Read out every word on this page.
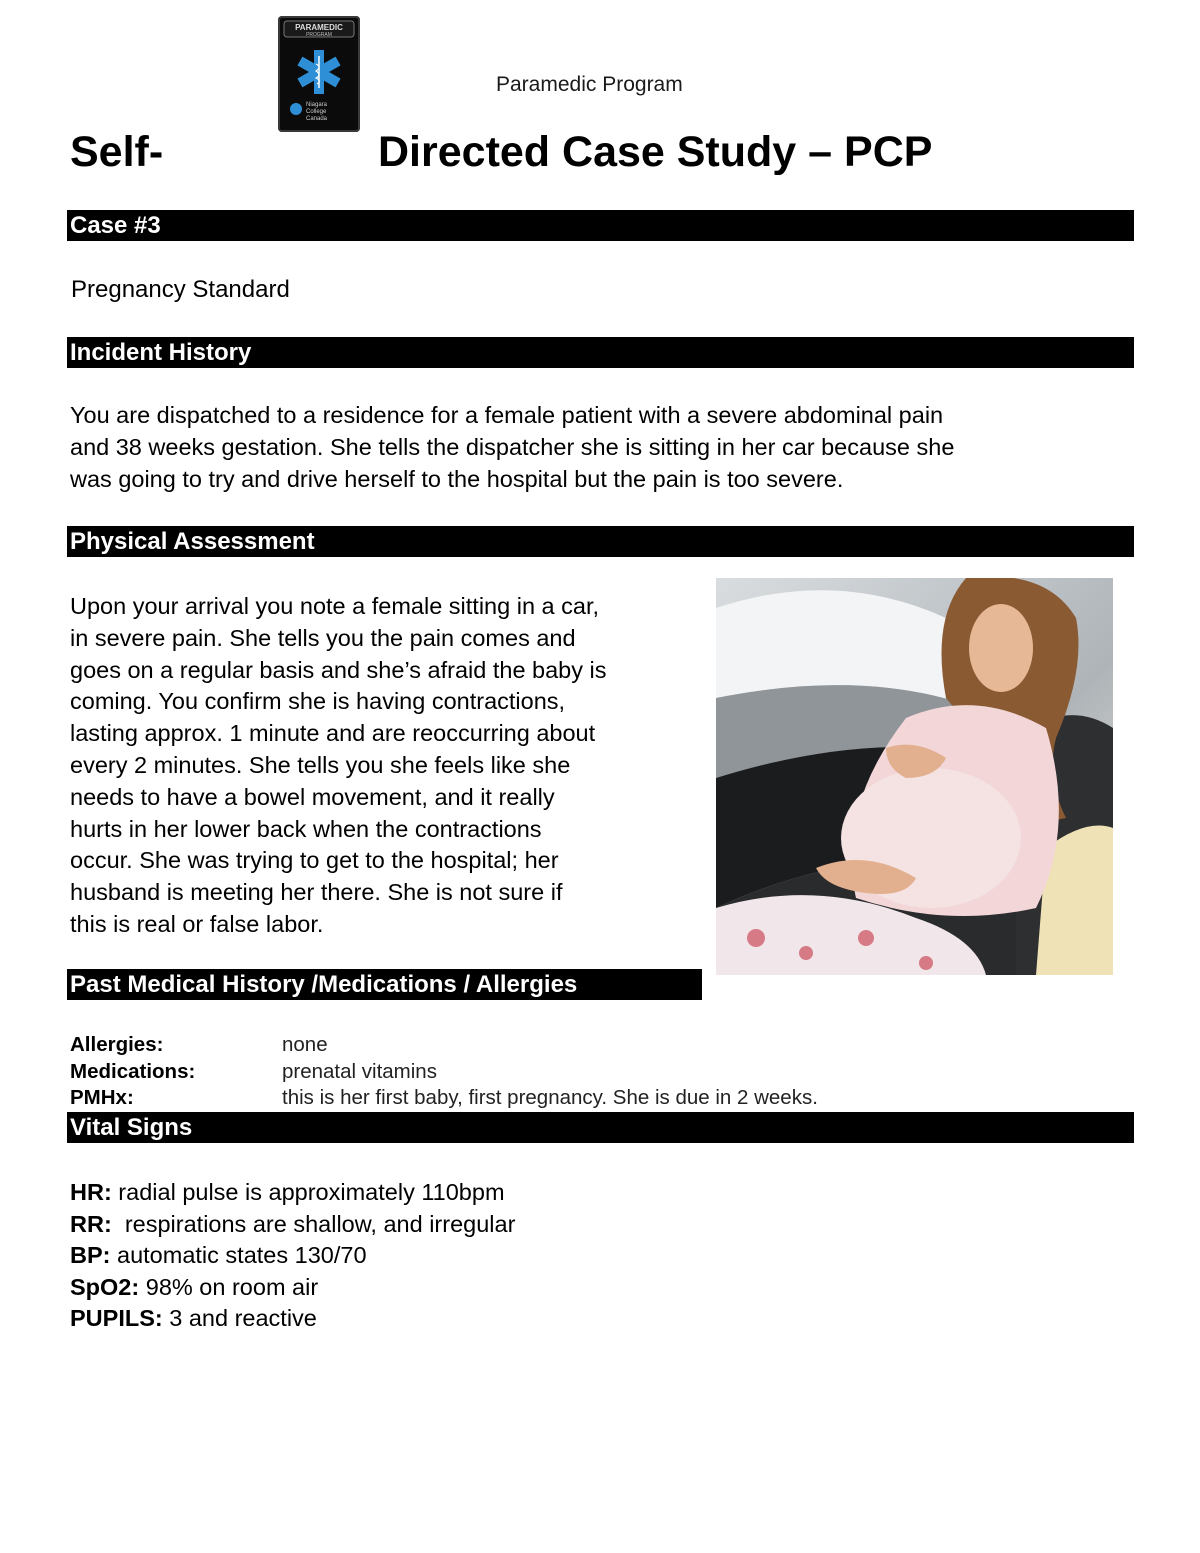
PARAMEDIC
PROGRAM
Niagara
College
Canada
Paramedic Program
Self-	Directed Case Study – PCP
Case #3
Pregnancy Standard
Incident History
You are dispatched to a residence for a female patient with a severe abdominal pain
and 38 weeks gestation. She tells the dispatcher she is sitting in her car because she
was going to try and drive herself to the hospital but the pain is too severe.
Physical Assessment
Upon your arrival you note a female sitting in a car,
in severe pain. She tells you the pain comes and
goes on a regular basis and she’s afraid the baby is
coming. You confirm she is having contractions,
lasting approx. 1 minute and are reoccurring about
every 2 minutes. She tells you she feels like she
needs to have a bowel movement, and it really
hurts in her lower back when the contractions
occur. She was trying to get to the hospital; her
husband is meeting her there. She is not sure if
this is real or false labor.
Past Medical History /Medications / Allergies
Allergies:	none
Medications:	prenatal vitamins
PMHx:	this is her first baby, first pregnancy. She is due in 2 weeks.
Vital Signs
HR: radial pulse is approximately 110bpm
RR:  respirations are shallow, and irregular
BP: automatic states 130/70
SpO2: 98% on room air
PUPILS: 3 and reactive
